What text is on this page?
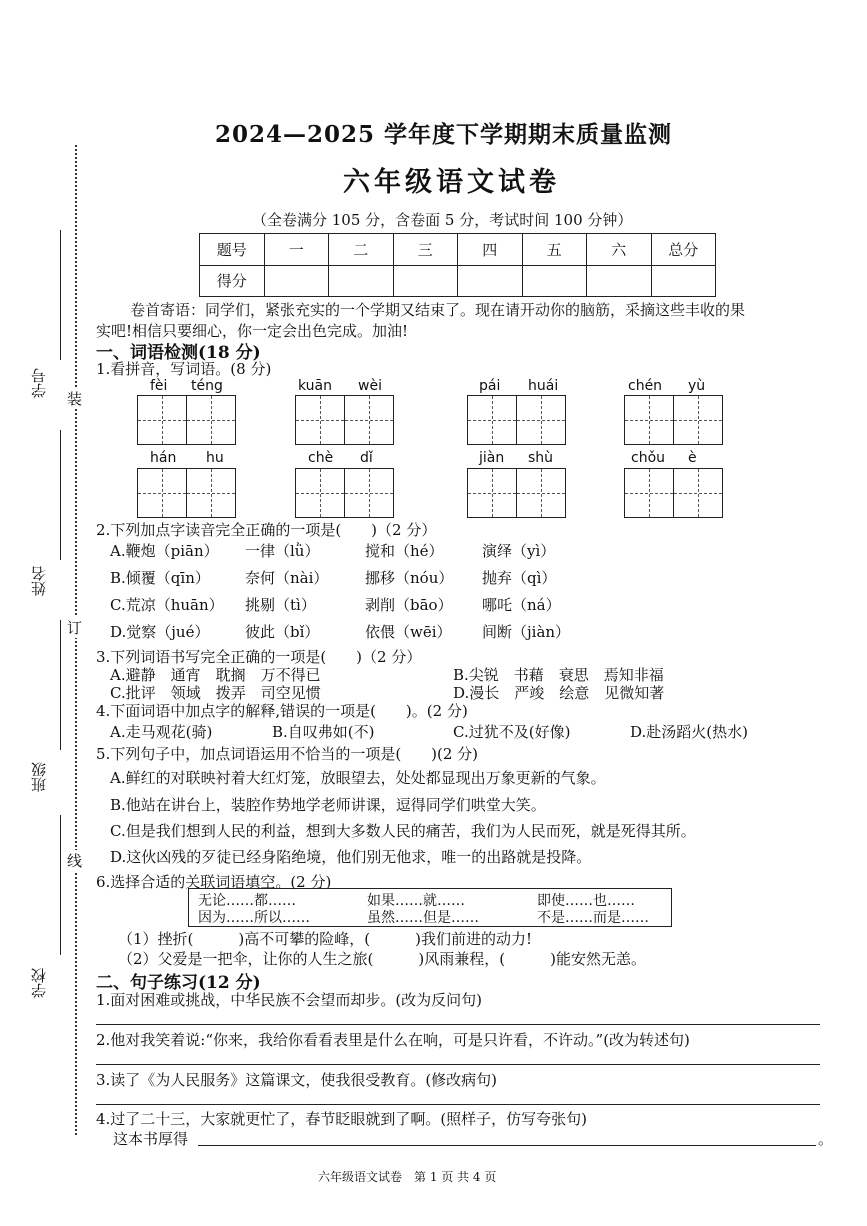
装
订
线
学号
姓名
班级
学校
2024—2025 学年度下学期期末质量监测
六年级语文试卷
（全卷满分 105 分，含卷面 5 分，考试时间 100 分钟）
题号	一	二	三	四	五	六	总分
得分							
卷首寄语：同学们，紧张充实的一个学期又结束了。现在请开动你的脑筋，采摘这些丰收的果
实吧!相信只要细心，你一定会出色完成。加油!
一、词语检测(18 分)
1.看拼音，写词语。(8 分)
fèi téng	kuān wèi	pái huái	chén yù
hán hu	chè dǐ	jiàn shù	chǒu è
2.下列加点字读音完全正确的一项是(　　)（2 分）
A.鞭炮（piān） 一律（lǜ）	搅和（hé）	演绎（yì）
B.倾覆（qīn） 奈何（nài） 挪移（nóu） 抛弃（qì）
C.荒凉（huān） 挑剔（tì）	剥削（bāo） 哪吒（ná）
D.觉察（jué） 彼此（bǐ）	依偎（wēi） 间断（jiàn）
3.下列词语书写完全正确的一项是(　　)（2 分）
A.避静　通宵　耽搁　万不得已	B.尖锐　书藉　衰思　焉知非福
C.批评　领域　拨弄　司空见惯	D.漫长　严竣　绘意　见微知著
4.下面词语中加点字的解释,错误的一项是(　　)。(2 分)
A.走马观花(骑)	B.自叹弗如(不)	C.过犹不及(好像)	D.赴汤蹈火(热水)
5.下列句子中，加点词语运用不恰当的一项是(　　)(2 分)
A.鲜红的对联映衬着大红灯笼，放眼望去，处处都显现出万象更新的气象。
B.他站在讲台上，装腔作势地学老师讲课，逗得同学们哄堂大笑。
C.但是我们想到人民的利益，想到大多数人民的痛苦，我们为人民而死，就是死得其所。
D.这伙凶残的歹徒已经身陷绝境，他们别无他求，唯一的出路就是投降。
6.选择合适的关联词语填空。(2 分)
无论……都……	如果……就……	即使……也……
因为……所以……	虽然……但是……	不是……而是……
（1）挫折(　　　)高不可攀的险峰，(　　　)我们前进的动力!
（2）父爱是一把伞，让你的人生之旅(　　　)风雨兼程，(　　　)能安然无恙。
二、句子练习(12 分)
1.面对困难或挑战，中华民族不会望而却步。(改为反问句)
2.他对我笑着说:“你来，我给你看看表里是什么在响，可是只许看，不许动。”(改为转述句)
3.读了《为人民服务》这篇课文，使我很受教育。(修改病句)
4.过了二十三，大家就更忙了，春节眨眼就到了啊。(照样子，仿写夸张句)
这本书厚得	。
六年级语文试卷　第 1 页 共 4 页
